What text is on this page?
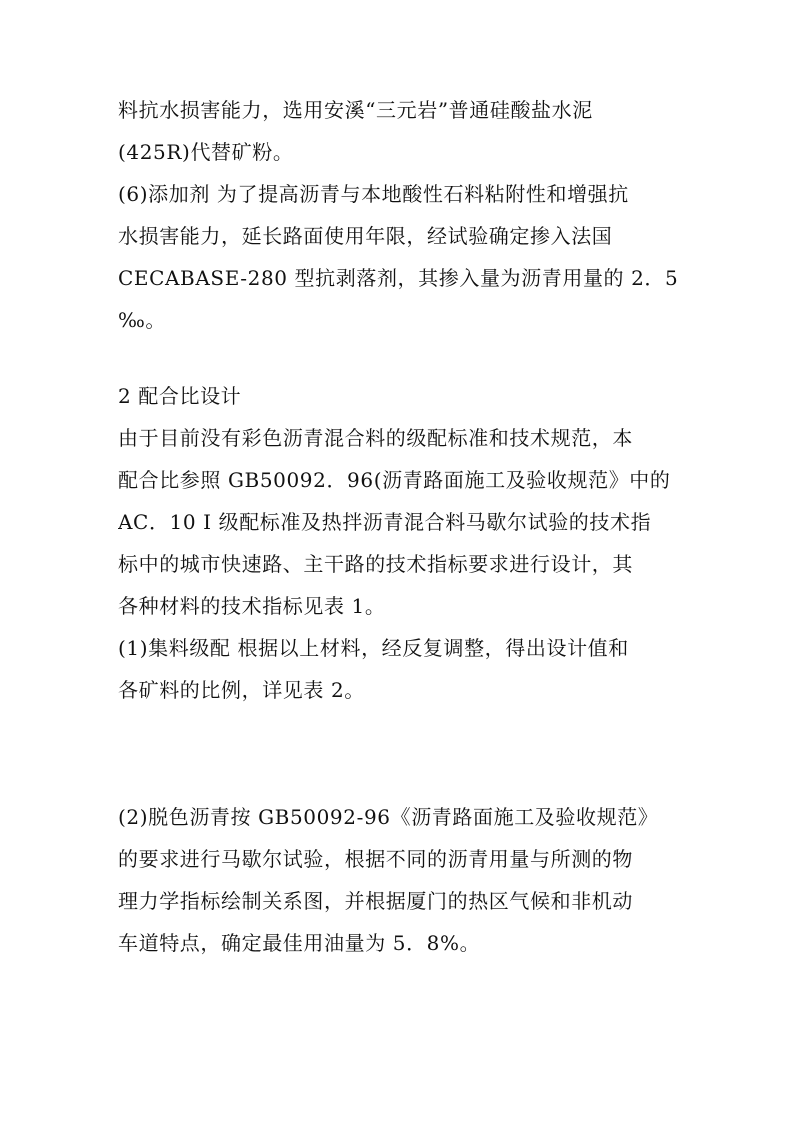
料抗水损害能力，选用安溪“三元岩”普通硅酸盐水泥
(425R)代替矿粉。
(6)添加剂 为了提高沥青与本地酸性石料粘附性和增强抗
水损害能力，延长路面使用年限，经试验确定掺入法国
CECABASE-280 型抗剥落剂，其掺入量为沥青用量的 2．5
‰。
2 配合比设计
由于目前没有彩色沥青混合料的级配标准和技术规范，本
配合比参照 GB50092．96(沥青路面施工及验收规范》中的
AC．10 I 级配标准及热拌沥青混合料马歇尔试验的技术指
标中的城市快速路、主干路的技术指标要求进行设计，其
各种材料的技术指标见表 1。
(1)集料级配 根据以上材料，经反复调整，得出设计值和
各矿料的比例，详见表 2。
(2)脱色沥青按 GB50092-96《沥青路面施工及验收规范》
的要求进行马歇尔试验，根据不同的沥青用量与所测的物
理力学指标绘制关系图，并根据厦门的热区气候和非机动
车道特点，确定最佳用油量为 5．8%。
